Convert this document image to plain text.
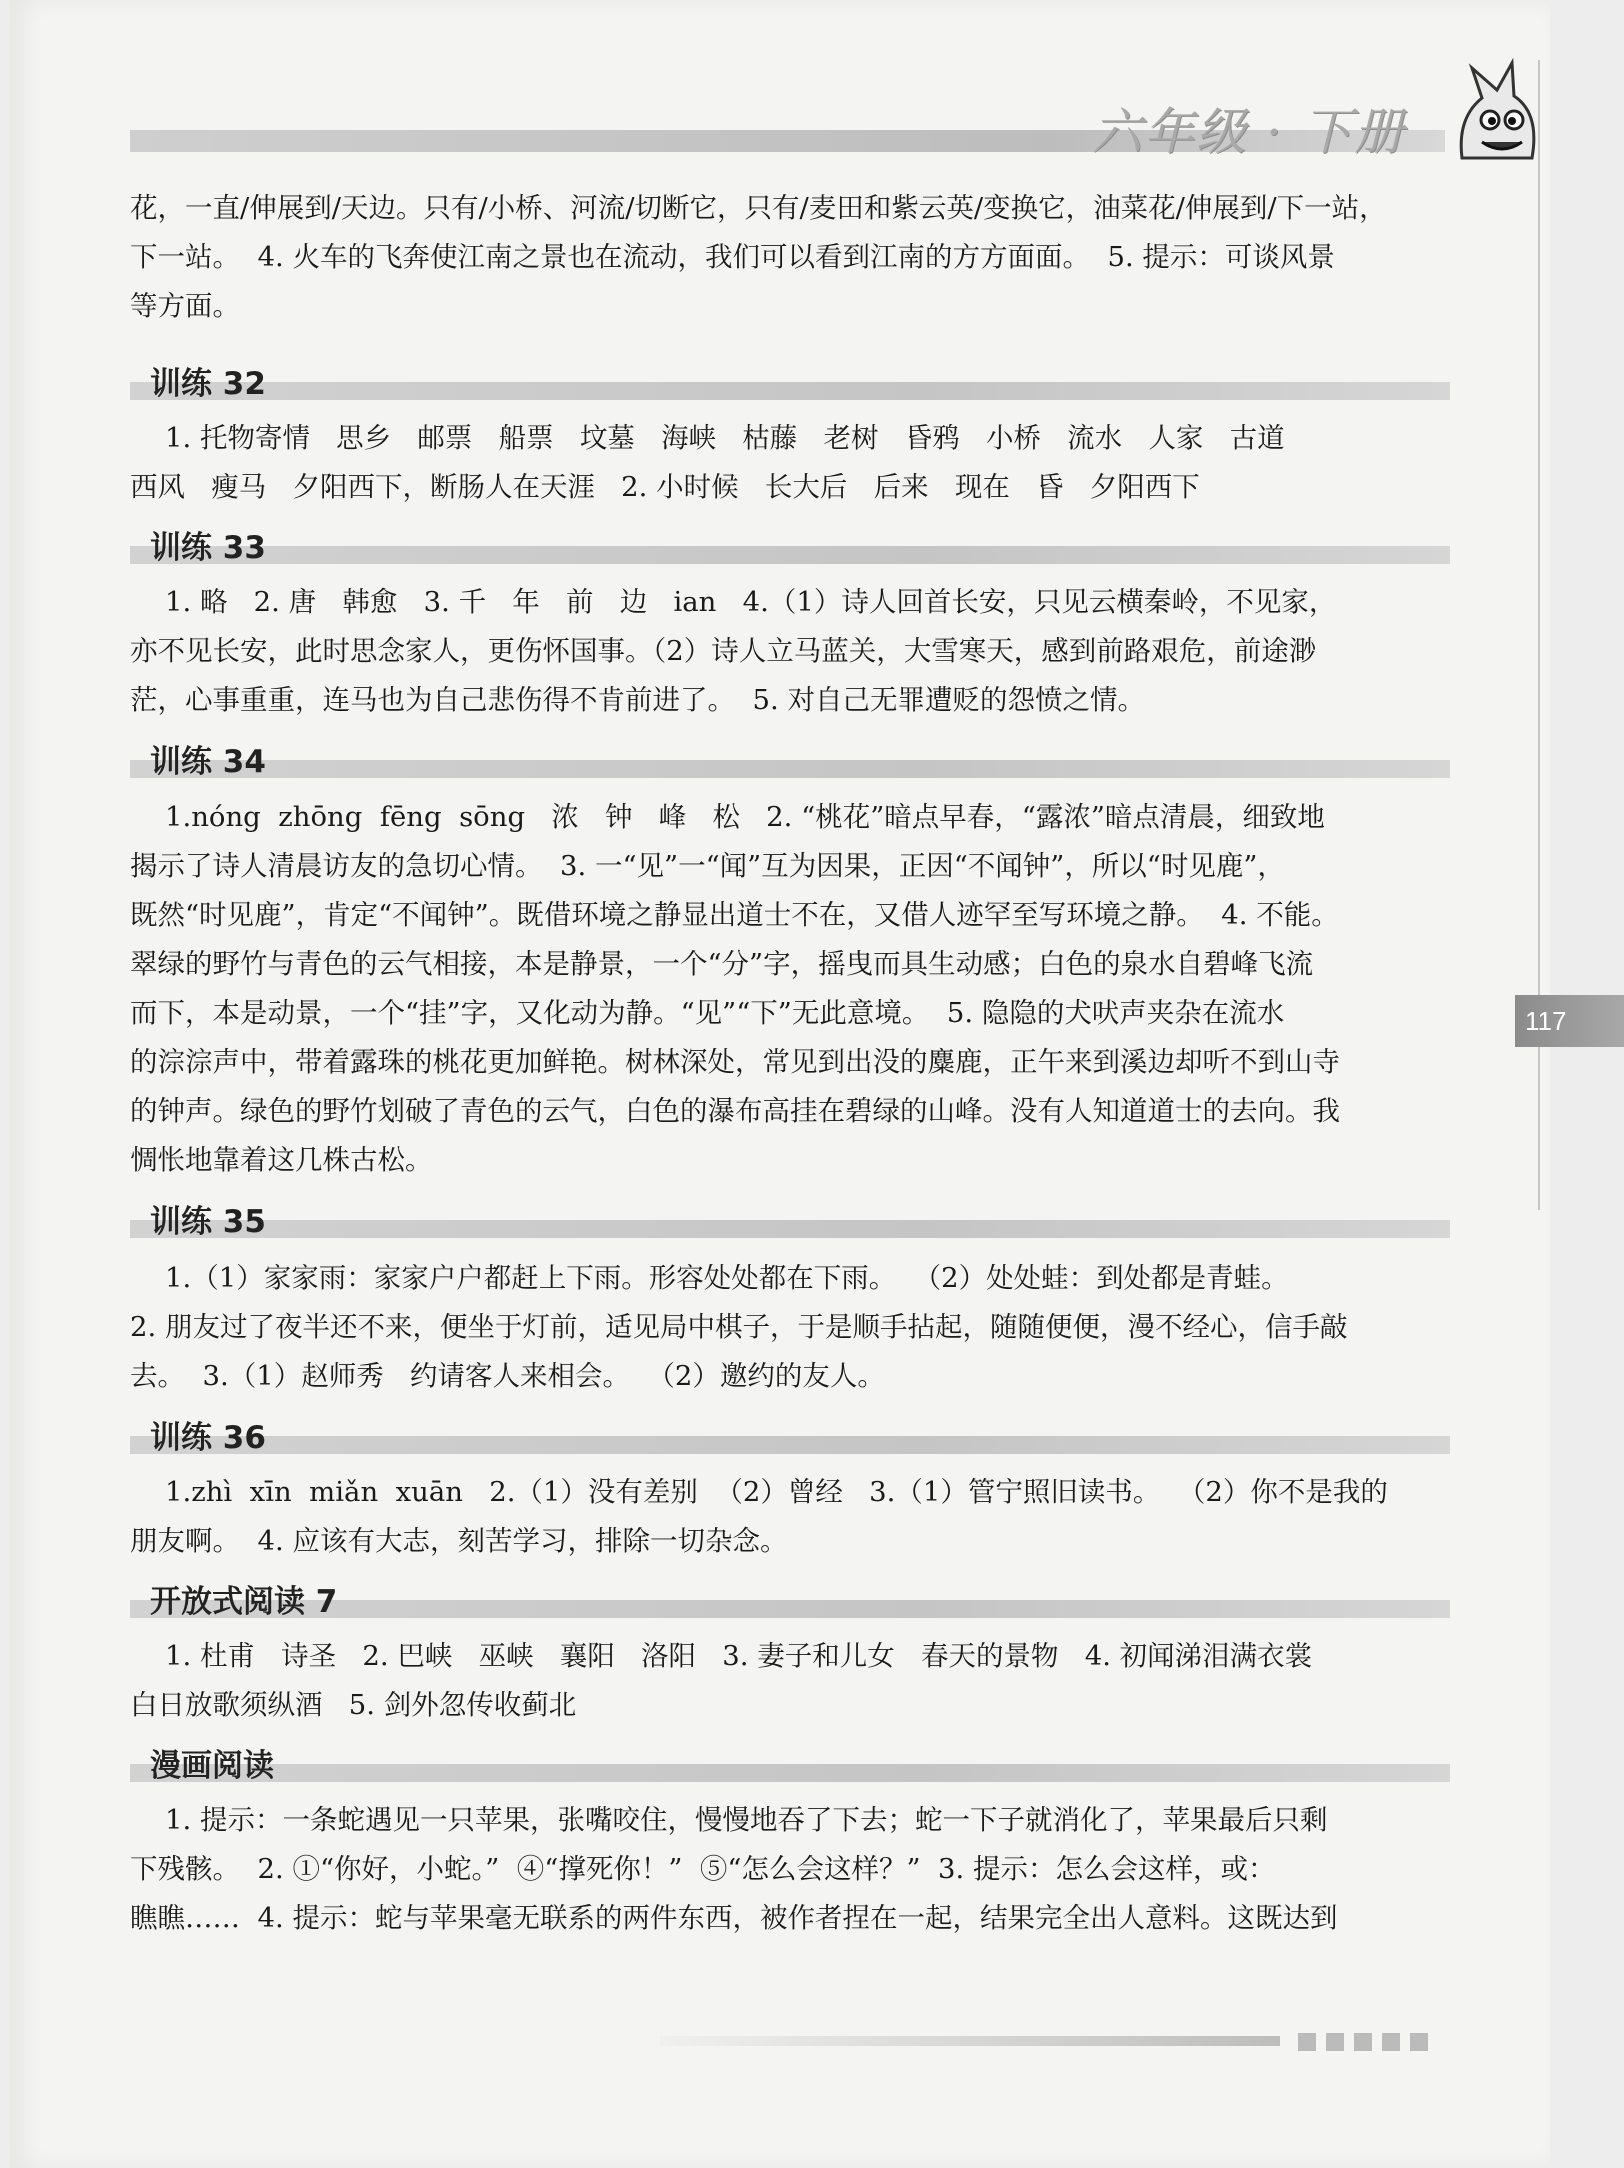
六年级 · 下册
117
花，一直/伸展到/天边。只有/小桥、河流/切断它，只有/麦田和紫云英/变换它，油菜花/伸展到/下一站，
下一站。  4. 火车的飞奔使江南之景也在流动，我们可以看到江南的方方面面。  5. 提示：可谈风景
等方面。
训练 32
1. 托物寄情   思乡   邮票   船票   坟墓   海峡   枯藤   老树   昏鸦   小桥   流水   人家   古道
西风   瘦马   夕阳西下，断肠人在天涯   2. 小时候   长大后   后来   现在   昏   夕阳西下
训练 33
1. 略   2. 唐   韩愈   3. 千   年   前   边   ian   4.（1）诗人回首长安，只见云横秦岭，不见家，
亦不见长安，此时思念家人，更伤怀国事。（2）诗人立马蓝关，大雪寒天，感到前路艰危，前途渺
茫，心事重重，连马也为自己悲伤得不肯前进了。  5. 对自己无罪遭贬的怨愤之情。
训练 34
1.nóng  zhōng  fēng  sōng   浓   钟   峰   松   2. “桃花”暗点早春，“露浓”暗点清晨，细致地
揭示了诗人清晨访友的急切心情。  3. 一“见”一“闻”互为因果，正因“不闻钟”，所以“时见鹿”，
既然“时见鹿”，肯定“不闻钟”。既借环境之静显出道士不在，又借人迹罕至写环境之静。  4. 不能。
翠绿的野竹与青色的云气相接，本是静景，一个“分”字，摇曳而具生动感；白色的泉水自碧峰飞流
而下，本是动景，一个“挂”字，又化动为静。“见”“下”无此意境。  5. 隐隐的犬吠声夹杂在流水
的淙淙声中，带着露珠的桃花更加鲜艳。树林深处，常见到出没的麋鹿，正午来到溪边却听不到山寺
的钟声。绿色的野竹划破了青色的云气，白色的瀑布高挂在碧绿的山峰。没有人知道道士的去向。我
惆怅地靠着这几株古松。
训练 35
1.（1）家家雨：家家户户都赶上下雨。形容处处都在下雨。  （2）处处蛙：到处都是青蛙。
2. 朋友过了夜半还不来，便坐于灯前，适见局中棋子，于是顺手拈起，随随便便，漫不经心，信手敲
去。  3.（1）赵师秀   约请客人来相会。  （2）邀约的友人。
训练 36
1.zhì  xīn  miǎn  xuān   2.（1）没有差别  （2）曾经   3.（1）管宁照旧读书。  （2）你不是我的
朋友啊。  4. 应该有大志，刻苦学习，排除一切杂念。
开放式阅读 7
1. 杜甫   诗圣   2. 巴峡   巫峡   襄阳   洛阳   3. 妻子和儿女   春天的景物   4. 初闻涕泪满衣裳
白日放歌须纵酒   5. 剑外忽传收蓟北
漫画阅读
1. 提示：一条蛇遇见一只苹果，张嘴咬住，慢慢地吞了下去；蛇一下子就消化了，苹果最后只剩
下残骸。  2. ①“你好，小蛇。”  ④“撑死你！”  ⑤“怎么会这样？”  3. 提示：怎么会这样，或：
瞧瞧……  4. 提示：蛇与苹果毫无联系的两件东西，被作者捏在一起，结果完全出人意料。这既达到
